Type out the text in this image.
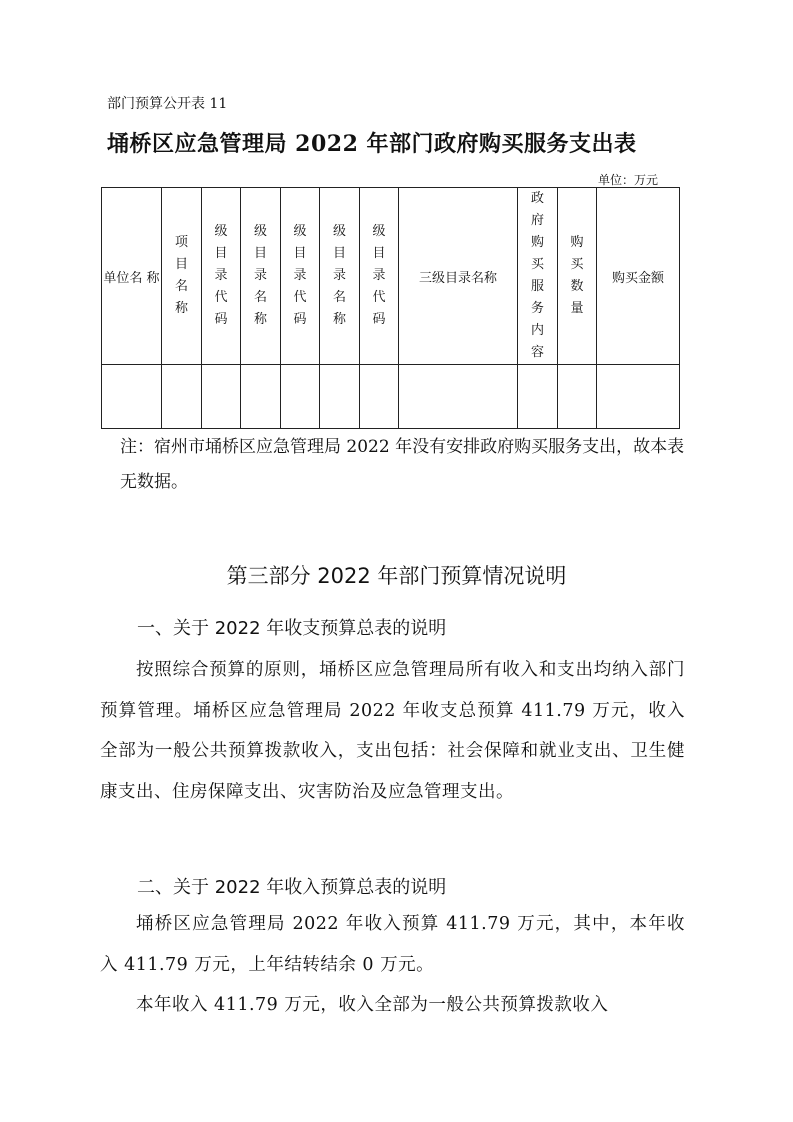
部门预算公开表 11
埇桥区应急管理局 2022 年部门政府购买服务支出表
单位：万元
单位名 称	项目名称	级目录代码	级目录名称	级目录代码	级目录名称	级目录代码	三级目录名称	政府购买服务内容	购买数量	购买金额

注：宿州市埇桥区应急管理局 2022 年没有安排政府购买服务支出，故本表无数据。
第三部分 2022 年部门预算情况说明
一、关于 2022 年收支预算总表的说明
按照综合预算的原则，埇桥区应急管理局所有收入和支出均纳入部门预算管理。埇桥区应急管理局 2022 年收支总预算 411.79 万元，收入全部为一般公共预算拨款收入，支出包括：社会保障和就业支出、卫生健康支出、住房保障支出、灾害防治及应急管理支出。
二、关于 2022 年收入预算总表的说明
埇桥区应急管理局 2022 年收入预算 411.79 万元，其中，本年收入 411.79 万元，上年结转结余 0 万元。
本年收入 411.79 万元，收入全部为一般公共预算拨款收入
